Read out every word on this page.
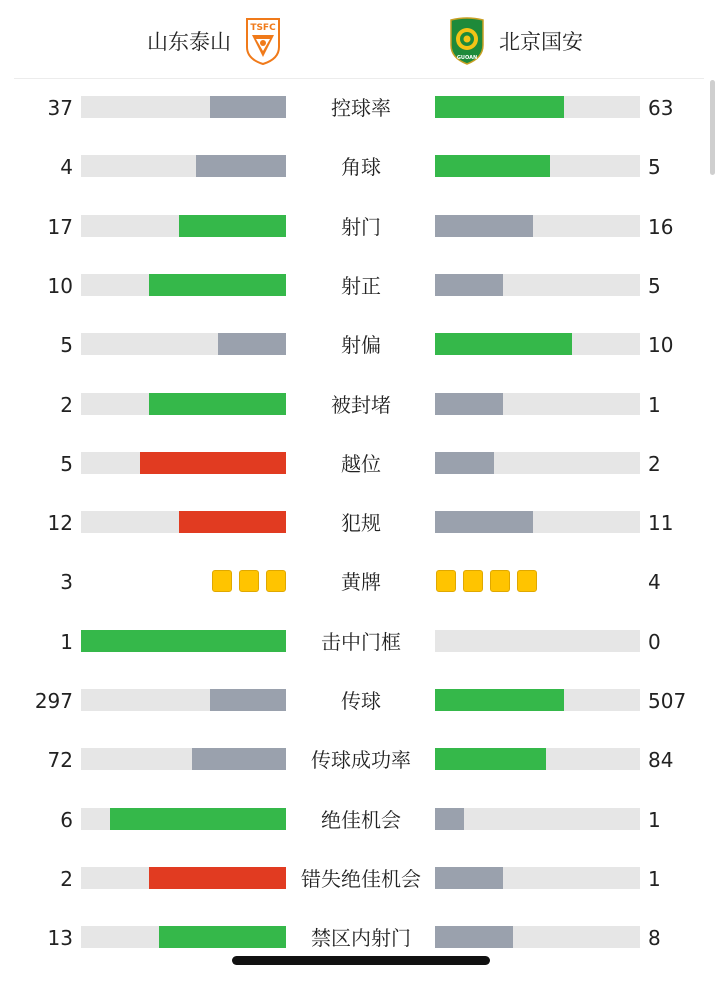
山东泰山
TSFC
GUOAN
北京国安
37	控球率	63
4	角球	5
17	射门	16
10	射正	5
5	射偏	10
2	被封堵	1
5	越位	2
12	犯规	11
3	黄牌	4
1	击中门框	0
297	传球	507
72	传球成功率	84
6	绝佳机会	1
2	错失绝佳机会	1
13	禁区内射门	8
